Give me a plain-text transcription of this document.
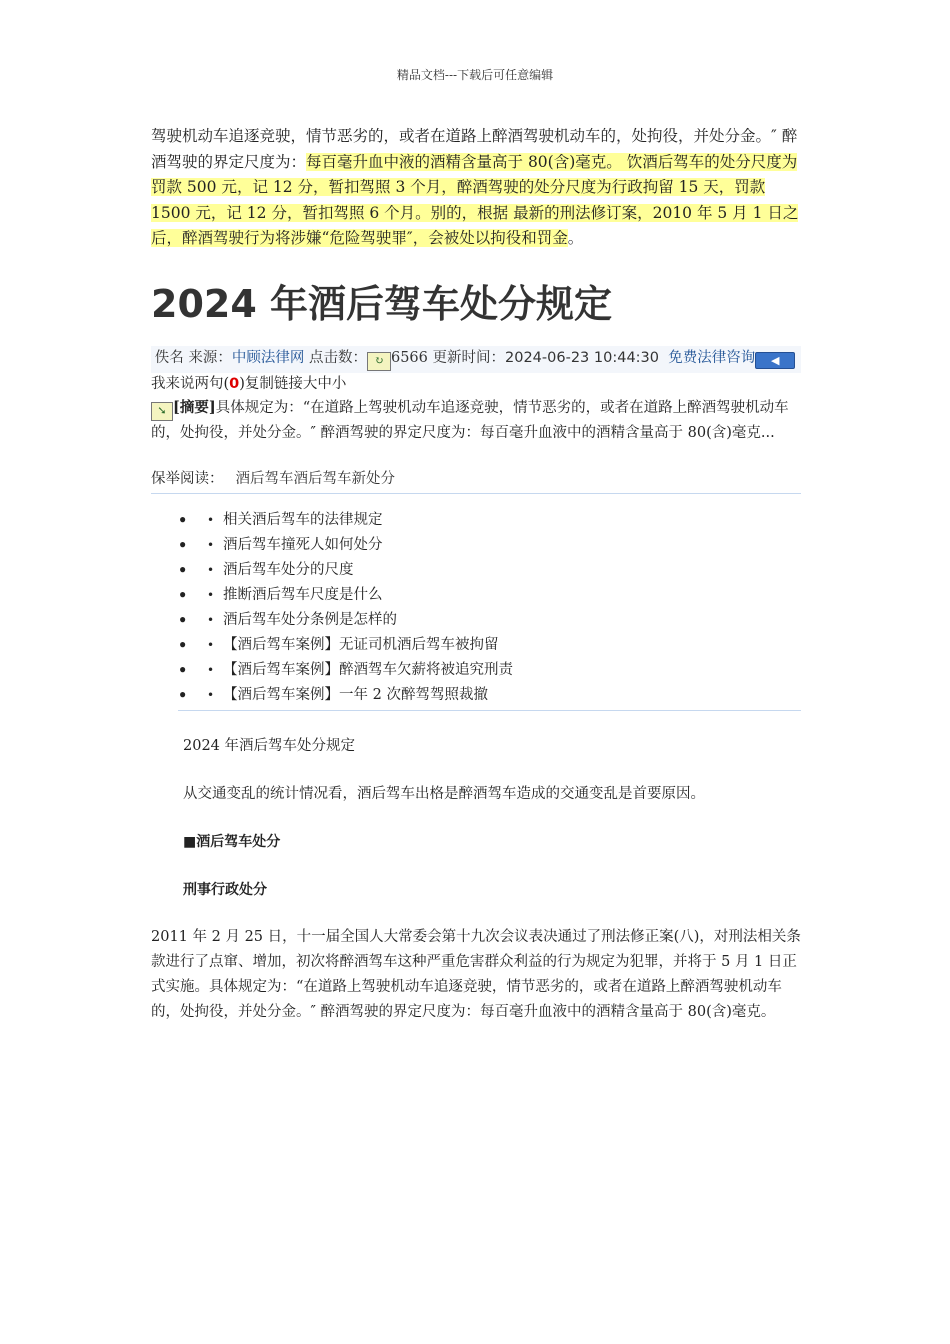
精品文档---下载后可任意编辑

驾驶机动车追逐竞驶，情节恶劣的，或者在道路上醉酒驾驶机动车的，处拘役，并处分金。″ 醉酒驾驶的界定尺度为：每百毫升血中液的酒精含量高于 80(含)毫克。 饮酒后驾车的处分尺度为罚款 500 元，记 12 分，暂扣驾照 3 个月，醉酒驾驶的处分尺度为行政拘留 15 天，罚款 1500 元，记 12 分，暂扣驾照 6 个月。别的，根据 最新的刑法修订案，2010 年 5 月 1 日之后，醉酒驾驶行为将涉嫌“危险驾驶罪″，会被处以拘役和罚金。

2024 年酒后驾车处分规定
佚名 来源：中顾法律网 点击数： ↻ 6566 更新时间：2024-06-23 10:44:30 免费法律咨询 ◀
我来说两句(0)复制链接大中小

➘ [摘要]具体规定为：“在道路上驾驶机动车追逐竞驶，情节恶劣的，或者在道路上醉酒驾驶机动车的，处拘役，并处分金。″ 醉酒驾驶的界定尺度为：每百毫升血液中的酒精含量高于 80(含)毫克...

保举阅读： 酒后驾车酒后驾车新处分
• • 相关酒后驾车的法律规定
• • 酒后驾车撞死人如何处分
• • 酒后驾车处分的尺度
• • 推断酒后驾车尺度是什么
• • 酒后驾车处分条例是怎样的
• • 【酒后驾车案例】无证司机酒后驾车被拘留
• • 【酒后驾车案例】醉酒驾车欠薪将被追究刑责
• • 【酒后驾车案例】一年 2 次醉驾驾照裁撤

2024 年酒后驾车处分规定

从交通变乱的统计情况看，酒后驾车出格是醉酒驾车造成的交通变乱是首要原因。

■酒后驾车处分

刑事行政处分

2011 年 2 月 25 日，十一届全国人大常委会第十九次会议表决通过了刑法修正案(八)，对刑法相关条款进行了点窜、增加，初次将醉酒驾车这种严重危害群众利益的行为规定为犯罪，并将于 5 月 1 日正式实施。具体规定为：“在道路上驾驶机动车追逐竞驶，情节恶劣的，或者在道路上醉酒驾驶机动车的，处拘役，并处分金。″ 醉酒驾驶的界定尺度为：每百毫升血液中的酒精含量高于 80(含)毫克。
